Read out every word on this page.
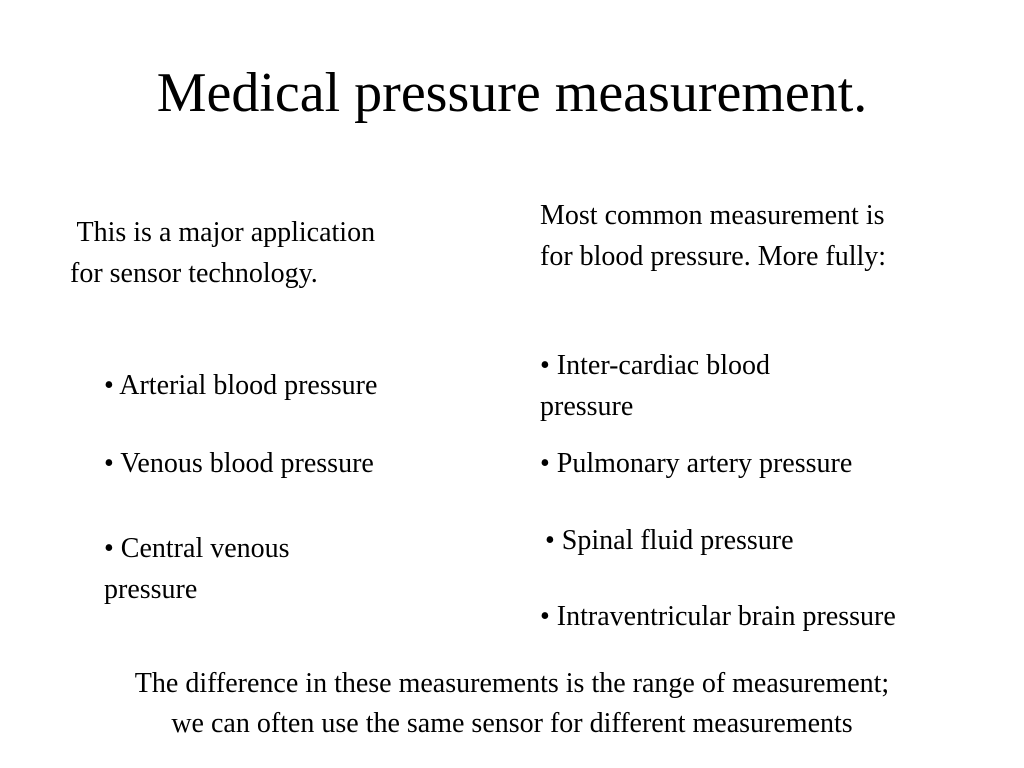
Medical pressure measurement.
This is a major application
for sensor technology.
Most common measurement is
for blood pressure. More fully:
• Arterial blood pressure
• Venous blood pressure
• Central venous
pressure
• Inter-cardiac blood
pressure
• Pulmonary artery pressure
• Spinal fluid pressure
• Intraventricular brain pressure
The difference in these measurements is the range of measurement;
we can often use the same sensor for different measurements
